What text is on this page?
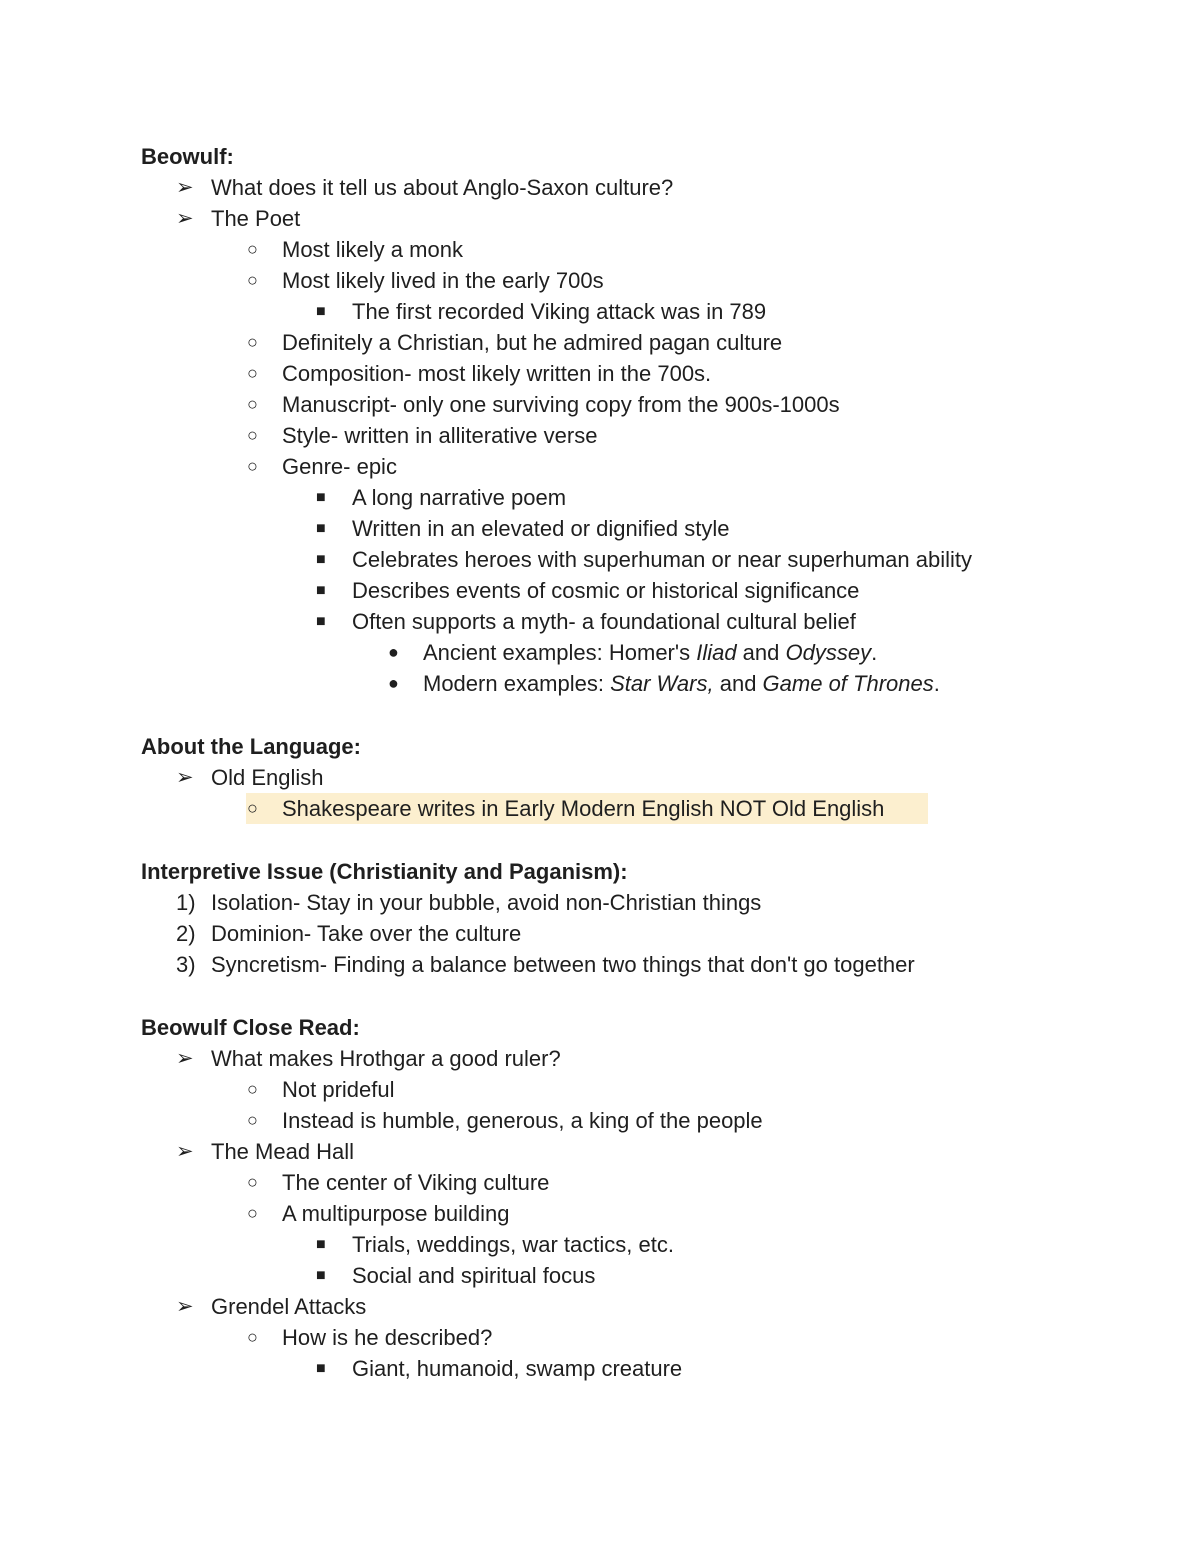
Beowulf:
➢ What does it tell us about Anglo-Saxon culture?
➢ The Poet
○ Most likely a monk
○ Most likely lived in the early 700s
■ The first recorded Viking attack was in 789
○ Definitely a Christian, but he admired pagan culture
○ Composition- most likely written in the 700s.
○ Manuscript- only one surviving copy from the 900s-1000s
○ Style- written in alliterative verse
○ Genre- epic
■ A long narrative poem
■ Written in an elevated or dignified style
■ Celebrates heroes with superhuman or near superhuman ability
■ Describes events of cosmic or historical significance
■ Often supports a myth- a foundational cultural belief
● Ancient examples: Homer's Iliad and Odyssey.
● Modern examples: Star Wars, and Game of Thrones.
About the Language:
➢ Old English
○ Shakespeare writes in Early Modern English NOT Old English
Interpretive Issue (Christianity and Paganism):
1) Isolation- Stay in your bubble, avoid non-Christian things
2) Dominion- Take over the culture
3) Syncretism- Finding a balance between two things that don't go together
Beowulf Close Read:
➢ What makes Hrothgar a good ruler?
○ Not prideful
○ Instead is humble, generous, a king of the people
➢ The Mead Hall
○ The center of Viking culture
○ A multipurpose building
■ Trials, weddings, war tactics, etc.
■ Social and spiritual focus
➢ Grendel Attacks
○ How is he described?
■ Giant, humanoid, swamp creature
